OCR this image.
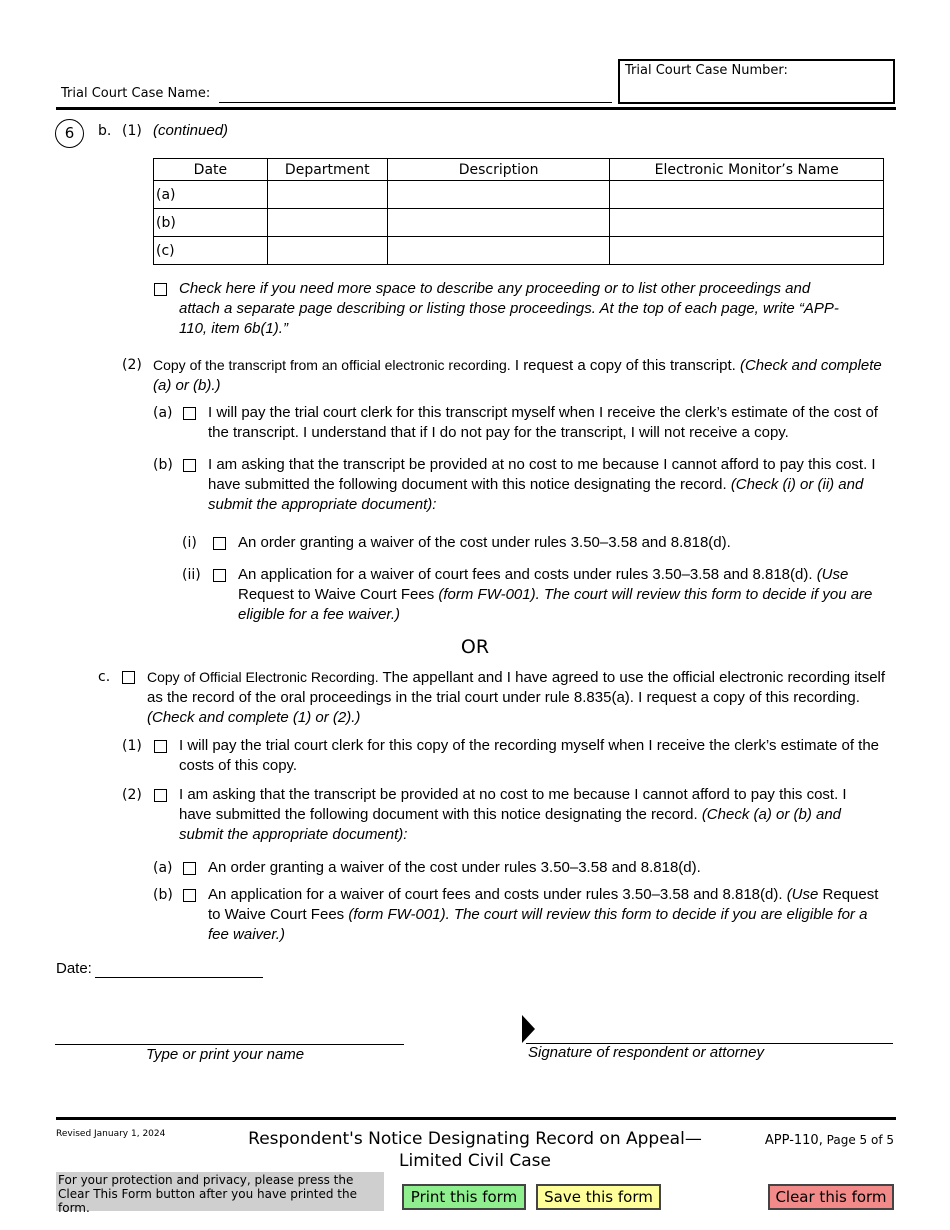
Trial Court Case Name:
Trial Court Case Number:
6	b. (1) (continued)
Date	Department	Description	Electronic Monitor’s Name
(a)			
(b)			
(c)			
Check here if you need more space to describe any proceeding or to list other proceedings and attach a separate page describing or listing those proceedings. At the top of each page, write “APP-110, item 6b(1).”
(2) Copy of the transcript from an official electronic recording. I request a copy of this transcript. (Check and complete (a) or (b).)
(a) I will pay the trial court clerk for this transcript myself when I receive the clerk’s estimate of the cost of the transcript. I understand that if I do not pay for the transcript, I will not receive a copy.
(b) I am asking that the transcript be provided at no cost to me because I cannot afford to pay this cost. I have submitted the following document with this notice designating the record. (Check (i) or (ii) and submit the appropriate document):
(i)	An order granting a waiver of the cost under rules 3.50–3.58 and 8.818(d).
(ii) An application for a waiver of court fees and costs under rules 3.50–3.58 and 8.818(d). (Use Request to Waive Court Fees (form FW-001). The court will review this form to decide if you are eligible for a fee waiver.)
OR
c.	Copy of Official Electronic Recording. The appellant and I have agreed to use the official electronic recording itself as the record of the oral proceedings in the trial court under rule 8.835(a). I request a copy of this recording. (Check and complete (1) or (2).)
(1) I will pay the trial court clerk for this copy of the recording myself when I receive the clerk’s estimate of the costs of this copy.
(2) I am asking that the transcript be provided at no cost to me because I cannot afford to pay this cost. I have submitted the following document with this notice designating the record. (Check (a) or (b) and submit the appropriate document):
(a) An order granting a waiver of the cost under rules 3.50–3.58 and 8.818(d).
(b) An application for a waiver of court fees and costs under rules 3.50–3.58 and 8.818(d). (Use Request to Waive Court Fees (form FW-001). The court will review this form to decide if you are eligible for a fee waiver.)
Date:
Type or print your name	Signature of respondent or attorney
Revised January 1, 2024	Respondent's Notice Designating Record on Appeal—
Limited Civil Case
APP-110, Page 5 of 5
For your protection and privacy, please press the Clear This Form button after you have printed the form.
Print this form	Save this form	Clear this form
